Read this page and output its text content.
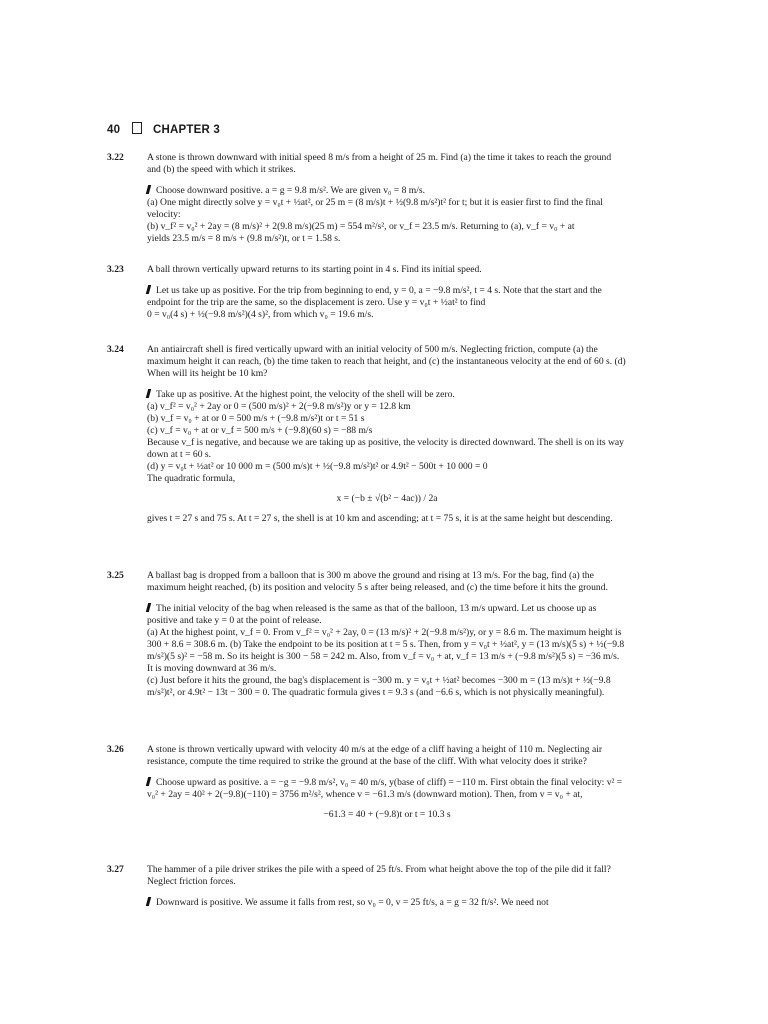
40	CHAPTER 3
3.22	A stone is thrown downward with initial speed 8 m/s from a height of 25 m. Find (a) the time it takes to reach the ground and (b) the speed with which it strikes.
Choose downward positive. a = g = 9.8 m/s². We are given v₀ = 8 m/s.
(a) One might directly solve y = v₀t + ½at², or 25 m = (8 m/s)t + ½(9.8 m/s²)t² for t; but it is easier first to find the final velocity:
(b) v_f² = v₀² + 2ay = (8 m/s)² + 2(9.8 m/s)(25 m) = 554 m²/s², or v_f = 23.5 m/s. Returning to (a), v_f = v₀ + at
yields 23.5 m/s = 8 m/s + (9.8 m/s²)t, or t = 1.58 s.
3.23	A ball thrown vertically upward returns to its starting point in 4 s. Find its initial speed.
Let us take up as positive. For the trip from beginning to end, y = 0, a = −9.8 m/s², t = 4 s. Note that the start and the endpoint for the trip are the same, so the displacement is zero. Use y = v₀t + ½at² to find
0 = v₀(4 s) + ½(−9.8 m/s²)(4 s)², from which v₀ = 19.6 m/s.
3.24	An antiaircraft shell is fired vertically upward with an initial velocity of 500 m/s. Neglecting friction, compute (a) the maximum height it can reach, (b) the time taken to reach that height, and (c) the instantaneous velocity at the end of 60 s. (d) When will its height be 10 km?
Take up as positive. At the highest point, the velocity of the shell will be zero.
(a) v_f² = v₀² + 2ay or 0 = (500 m/s)² + 2(−9.8 m/s²)y or y = 12.8 km
(b) v_f = v₀ + at or 0 = 500 m/s + (−9.8 m/s²)t or t = 51 s
(c) v_f = v₀ + at or v_f = 500 m/s + (−9.8)(60 s) = −88 m/s
Because v_f is negative, and because we are taking up as positive, the velocity is directed downward. The shell is on its way down at t = 60 s.
(d) y = v₀t + ½at² or 10 000 m = (500 m/s)t + ½(−9.8 m/s²)t² or 4.9t² − 500t + 10 000 = 0
The quadratic formula,
x = (−b ± √(b² − 4ac)) / 2a
gives t = 27 s and 75 s. At t = 27 s, the shell is at 10 km and ascending; at t = 75 s, it is at the same height but descending.
3.25	A ballast bag is dropped from a balloon that is 300 m above the ground and rising at 13 m/s. For the bag, find (a) the maximum height reached, (b) its position and velocity 5 s after being released, and (c) the time before it hits the ground.
The initial velocity of the bag when released is the same as that of the balloon, 13 m/s upward. Let us choose up as positive and take y = 0 at the point of release.
(a) At the highest point, v_f = 0. From v_f² = v₀² + 2ay, 0 = (13 m/s)² + 2(−9.8 m/s²)y, or y = 8.6 m. The maximum height is 300 + 8.6 = 308.6 m. (b) Take the endpoint to be its position at t = 5 s. Then, from y = v₀t + ½at², y = (13 m/s)(5 s) + ½(−9.8 m/s²)(5 s)² = −58 m. So its height is 300 − 58 = 242 m. Also, from v_f = v₀ + at, v_f = 13 m/s + (−9.8 m/s²)(5 s) = −36 m/s. It is moving downward at 36 m/s.
(c) Just before it hits the ground, the bag's displacement is −300 m. y = v₀t + ½at² becomes −300 m = (13 m/s)t + ½(−9.8 m/s²)t², or 4.9t² − 13t − 300 = 0. The quadratic formula gives t = 9.3 s (and −6.6 s, which is not physically meaningful).
3.26	A stone is thrown vertically upward with velocity 40 m/s at the edge of a cliff having a height of 110 m. Neglecting air resistance, compute the time required to strike the ground at the base of the cliff. With what velocity does it strike?
Choose upward as positive. a = −g = −9.8 m/s², v₀ = 40 m/s, y(base of cliff) = −110 m. First obtain the final velocity: v² = v₀² + 2ay = 40² + 2(−9.8)(−110) = 3756 m²/s², whence v = −61.3 m/s (downward motion). Then, from v = v₀ + at,
−61.3 = 40 + (−9.8)t or t = 10.3 s
3.27	The hammer of a pile driver strikes the pile with a speed of 25 ft/s. From what height above the top of the pile did it fall? Neglect friction forces.
Downward is positive. We assume it falls from rest, so v₀ = 0, v = 25 ft/s, a = g = 32 ft/s². We need not
